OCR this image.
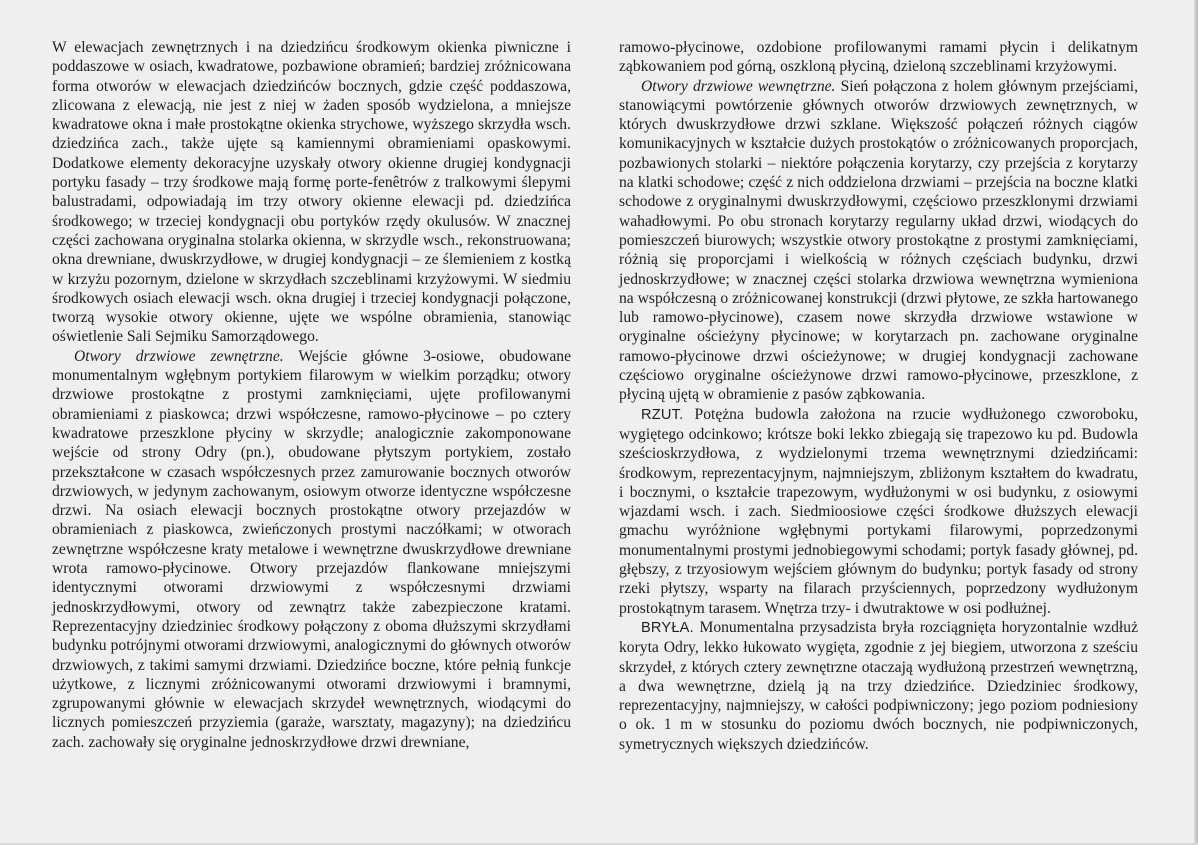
W elewacjach zewnętrznych i na dziedzińcu środkowym okienka piwniczne i poddaszowe w osiach, kwadratowe, pozbawione obramień; bardziej zróżnicowana forma otworów w elewacjach dziedzińców bocznych, gdzie część poddaszowa, zlicowana z elewacją, nie jest z niej w żaden sposób wydzielona, a mniejsze kwadratowe okna i małe prostokątne okienka strychowe, wyższego skrzydła wsch. dziedzińca zach., także ujęte są kamiennymi obramieniami opaskowymi. Dodatkowe elementy dekoracyjne uzyskały otwory okienne drugiej kondygnacji portyku fasady – trzy środkowe mają formę porte-fenêtrów z tralkowymi ślepymi balustradami, odpowiadają im trzy otwory okienne elewacji pd. dziedzińca środkowego; w trzeciej kondygnacji obu portyków rzędy okulusów. W znacznej części zachowana oryginalna stolarka okienna, w skrzydle wsch., rekonstruowana; okna drewniane, dwuskrzydłowe, w drugiej kondygnacji – ze ślemieniem z kostką w krzyżu pozornym, dzielone w skrzydłach szczeblinami krzyżowymi. W siedmiu środkowych osiach elewacji wsch. okna drugiej i trzeciej kondygnacji połączone, tworzą wysokie otwory okienne, ujęte we wspólne obramienia, stanowiąc oświetlenie Sali Sejmiku Samorządowego.

Otwory drzwiowe zewnętrzne. Wejście główne 3-osiowe, obudowane monumentalnym wgłębnym portykiem filarowym w wielkim porządku; otwory drzwiowe prostokątne z prostymi zamknięciami, ujęte profilowanymi obramieniami z piaskowca; drzwi współczesne, ramowo-płycinowe – po cztery kwadratowe przeszklone płyciny w skrzydle; analogicznie zakomponowane wejście od strony Odry (pn.), obudowane płytszym portykiem, zostało przekształcone w czasach współczesnych przez zamurowanie bocznych otworów drzwiowych, w jedynym zachowanym, osiowym otworze identyczne współczesne drzwi. Na osiach elewacji bocznych prostokątne otwory przejazdów w obramieniach z piaskowca, zwieńczonych prostymi naczółkami; w otworach zewnętrzne współczesne kraty metalowe i wewnętrzne dwuskrzydłowe drewniane wrota ramowo-płycinowe. Otwory przejazdów flankowane mniejszymi identycznymi otworami drzwiowymi z współczesnymi drzwiami jednoskrzydłowymi, otwory od zewnątrz także zabezpieczone kratami. Reprezentacyjny dziedziniec środkowy połączony z oboma dłuższymi skrzydłami budynku potrójnymi otworami drzwiowymi, analogicznymi do głównych otworów drzwiowych, z takimi samymi drzwiami. Dziedzińce boczne, które pełnią funkcje użytkowe, z licznymi zróżnicowanymi otworami drzwiowymi i bramnymi, zgrupowanymi głównie w elewacjach skrzydeł wewnętrznych, wiodącymi do licznych pomieszczeń przyziemia (garaże, warsztaty, magazyny); na dziedzińcu zach. zachowały się oryginalne jednoskrzydłowe drzwi drewniane,

ramowo-płycinowe, ozdobione profilowanymi ramami płycin i delikatnym ząbkowaniem pod górną, oszkloną płyciną, dzieloną szczeblinami krzyżowymi.

Otwory drzwiowe wewnętrzne. Sień połączona z holem głównym przejściami, stanowiącymi powtórzenie głównych otworów drzwiowych zewnętrznych, w których dwuskrzydłowe drzwi szklane. Większość połączeń różnych ciągów komunikacyjnych w kształcie dużych prostokątów o zróżnicowanych proporcjach, pozbawionych stolarki – niektóre połączenia korytarzy, czy przejścia z korytarzy na klatki schodowe; część z nich oddzielona drzwiami – przejścia na boczne klatki schodowe z oryginalnymi dwuskrzydłowymi, częściowo przeszklonymi drzwiami wahadłowymi. Po obu stronach korytarzy regularny układ drzwi, wiodących do pomieszczeń biurowych; wszystkie otwory prostokątne z prostymi zamknięciami, różnią się proporcjami i wielkością w różnych częściach budynku, drzwi jednoskrzydłowe; w znacznej części stolarka drzwiowa wewnętrzna wymieniona na współczesną o zróżnicowanej konstrukcji (drzwi płytowe, ze szkła hartowanego lub ramowo-płycinowe), czasem nowe skrzydła drzwiowe wstawione w oryginalne ościeżyny płycinowe; w korytarzach pn. zachowane oryginalne ramowo-płycinowe drzwi ościeżynowe; w drugiej kondygnacji zachowane częściowo oryginalne ościeżynowe drzwi ramowo-płycinowe, przeszklone, z płyciną ujętą w obramienie z pasów ząbkowania.

RZUT. Potężna budowla założona na rzucie wydłużonego czworoboku, wygiętego odcinkowo; krótsze boki lekko zbiegają się trapezowo ku pd. Budowla sześcioskrzydłowa, z wydzielonymi trzema wewnętrznymi dziedzińcami: środkowym, reprezentacyjnym, najmniejszym, zbliżonym kształtem do kwadratu, i bocznymi, o kształcie trapezowym, wydłużonymi w osi budynku, z osiowymi wjazdami wsch. i zach. Siedmioosiowe części środkowe dłuższych elewacji gmachu wyróżnione wgłębnymi portykami filarowymi, poprzedzonymi monumentalnymi prostymi jednobiegowymi schodami; portyk fasady głównej, pd. głębszy, z trzyosiowym wejściem głównym do budynku; portyk fasady od strony rzeki płytszy, wsparty na filarach przyściennych, poprzedzony wydłużonym prostokątnym tarasem. Wnętrza trzy- i dwutraktowe w osi podłużnej.

BRYŁA. Monumentalna przysadzista bryła rozciągnięta horyzontalnie wzdłuż koryta Odry, lekko łukowato wygięta, zgodnie z jej biegiem, utworzona z sześciu skrzydeł, z których cztery zewnętrzne otaczają wydłużoną przestrzeń wewnętrzną, a dwa wewnętrzne, dzielą ją na trzy dziedzińce. Dziedziniec środkowy, reprezentacyjny, najmniejszy, w całości podpiwniczony; jego poziom podniesiony o ok. 1 m w stosunku do poziomu dwóch bocznych, nie podpiwniczonych, symetrycznych większych dziedzińców.
